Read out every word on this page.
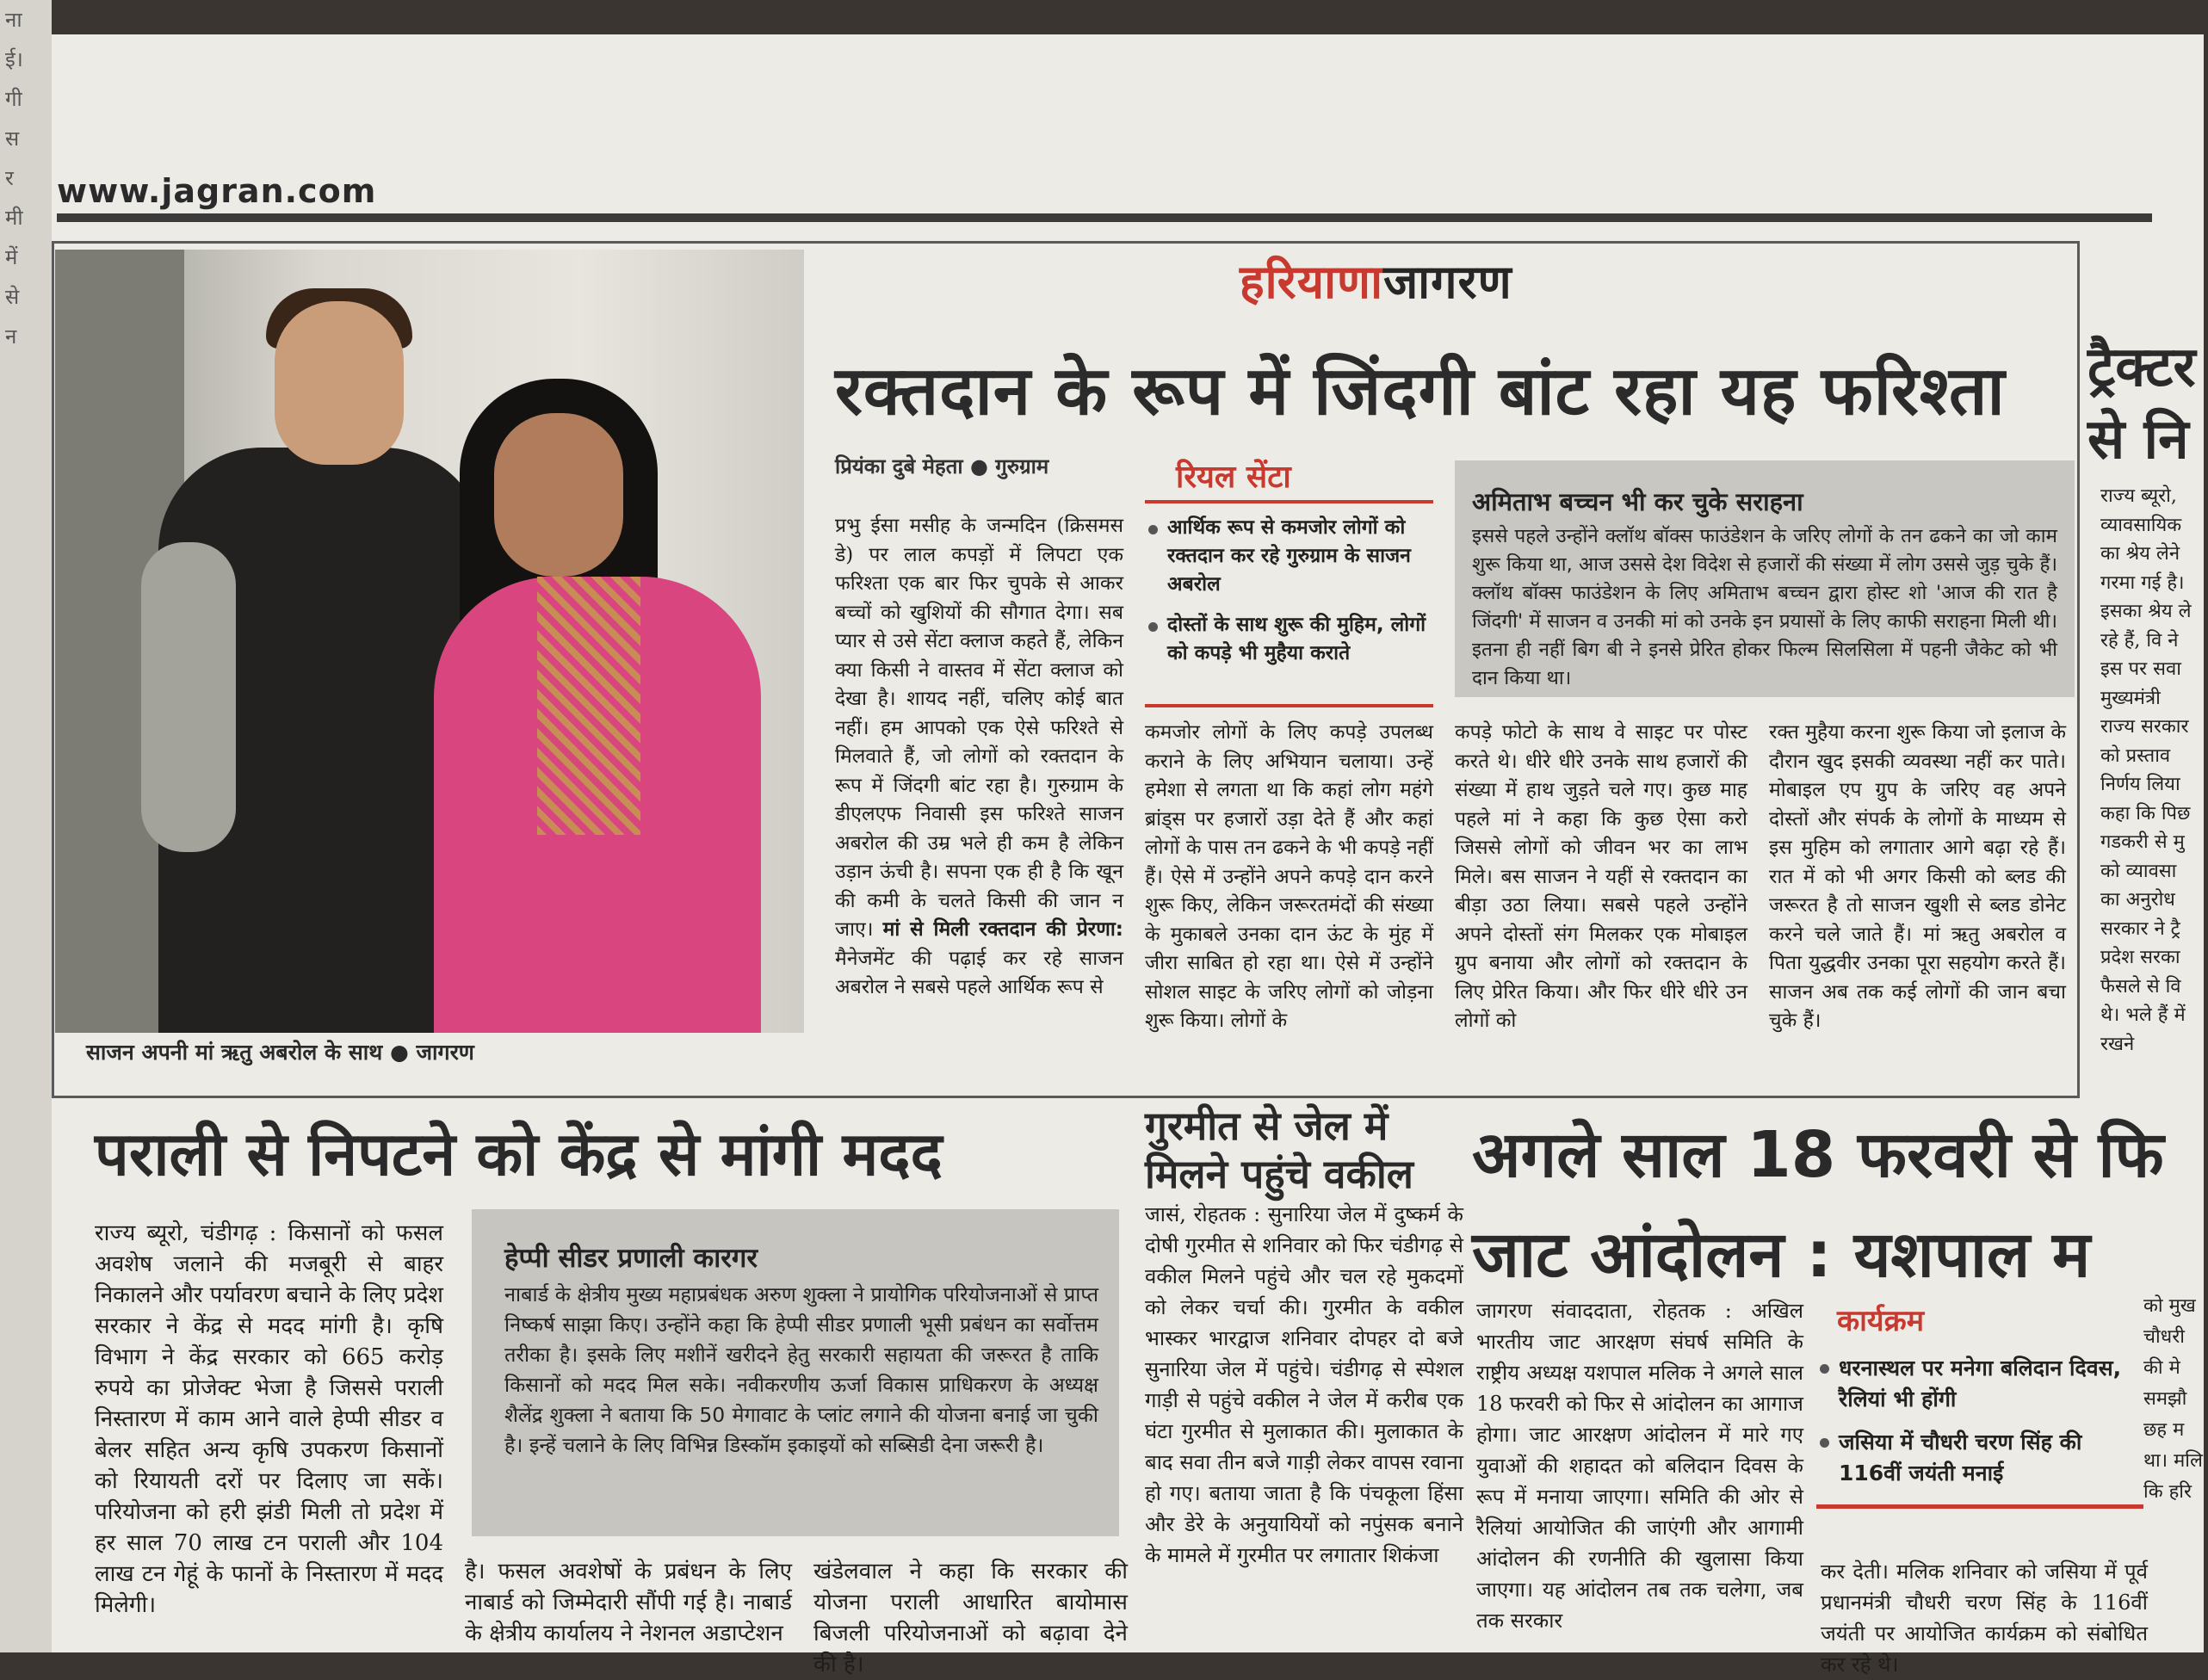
ना
ई।
गी
स
र
मी
में
से
न
www.jagran.com
हरियाणाजागरण
साजन अपनी मां ऋतु अबरोल के साथ ● जागरण
रक्तदान के रूप में जिंदगी बांट रहा यह फरिश्ता
प्रियंका दुबे मेहता ● गुरुग्राम
प्रभु ईसा मसीह के जन्मदिन (क्रिसमस डे) पर लाल कपड़ों में लिपटा एक फरिश्ता एक बार फिर चुपके से आकर बच्चों को खुशियों की सौगात देगा। सब प्यार से उसे सेंटा क्लाज कहते हैं, लेकिन क्या किसी ने वास्तव में सेंटा क्लाज को देखा है। शायद नहीं, चलिए कोई बात नहीं। हम आपको एक ऐसे फरिश्ते से मिलवाते हैं, जो लोगों को रक्तदान के रूप में जिंदगी बांट रहा है। गुरुग्राम के डीएलएफ निवासी इस फरिश्ते साजन अबरोल की उम्र भले ही कम है लेकिन उड़ान ऊंची है। सपना एक ही है कि खून की कमी के चलते किसी की जान न जाए। मां से मिली रक्तदान की प्रेरणा: मैनेजमेंट की पढ़ाई कर रहे साजन अबरोल ने सबसे पहले आर्थिक रूप से
रियल सेंटा
आर्थिक रूप से कमजोर लोगों को रक्तदान कर रहे गुरुग्राम के साजन अबरोल
दोस्तों के साथ शुरू की मुहिम, लोगों को कपड़े भी मुहैया कराते
अमिताभ बच्चन भी कर चुके सराहना
इससे पहले उन्होंने क्लॉथ बॉक्स फाउंडेशन के जरिए लोगों के तन ढकने का जो काम शुरू किया था, आज उससे देश विदेश से हजारों की संख्या में लोग उससे जुड़ चुके हैं। क्लॉथ बॉक्स फाउंडेशन के लिए अमिताभ बच्चन द्वारा होस्ट शो 'आज की रात है जिंदगी' में साजन व उनकी मां को उनके इन प्रयासों के लिए काफी सराहना मिली थी। इतना ही नहीं बिग बी ने इनसे प्रेरित होकर फिल्म सिलसिला में पहनी जैकेट को भी दान किया था।
कमजोर लोगों के लिए कपड़े उपलब्ध कराने के लिए अभियान चलाया। उन्हें हमेशा से लगता था कि कहां लोग महंगे ब्रांड्स पर हजारों उड़ा देते हैं और कहां लोगों के पास तन ढकने के भी कपड़े नहीं हैं। ऐसे में उन्होंने अपने कपड़े दान करने शुरू किए, लेकिन जरूरतमंदों की संख्या के मुकाबले उनका दान ऊंट के मुंह में जीरा साबित हो रहा था। ऐसे में उन्होंने सोशल साइट के जरिए लोगों को जोड़ना शुरू किया। लोगों के
कपड़े फोटो के साथ वे साइट पर पोस्ट करते थे। धीरे धीरे उनके साथ हजारों की संख्या में हाथ जुड़ते चले गए। कुछ माह पहले मां ने कहा कि कुछ ऐसा करो जिससे लोगों को जीवन भर का लाभ मिले। बस साजन ने यहीं से रक्तदान का बीड़ा उठा लिया। सबसे पहले उन्होंने अपने दोस्तों संग मिलकर एक मोबाइल ग्रुप बनाया और लोगों को रक्तदान के लिए प्रेरित किया। और फिर धीरे धीरे उन लोगों को
रक्त मुहैया करना शुरू किया जो इलाज के दौरान खुद इसकी व्यवस्था नहीं कर पाते। मोबाइल एप ग्रुप के जरिए वह अपने दोस्तों और संपर्क के लोगों के माध्यम से इस मुहिम को लगातार आगे बढ़ा रहे हैं। रात में को भी अगर किसी को ब्लड की जरूरत है तो साजन खुशी से ब्लड डोनेट करने चले जाते हैं। मां ऋतु अबरोल व पिता युद्धवीर उनका पूरा सहयोग करते हैं। साजन अब तक कई लोगों की जान बचा चुके हैं।
ट्रैक्टर से नि
राज्य ब्यूरो, व्यावसायिक का श्रेय लेने गरमा गई है। इसका श्रेय ले रहे हैं, वि ने इस पर सवा मुख्यमंत्री राज्य सरकार को प्रस्ताव निर्णय लिया कहा कि पिछ गडकरी से मु को व्यावसा का अनुरोध सरकार ने ट्रै प्रदेश सरका फैसले से वि थे। भले हैं में रखने
पराली से निपटने को केंद्र से मांगी मदद
राज्य ब्यूरो, चंडीगढ़ : किसानों को फसल अवशेष जलाने की मजबूरी से बाहर निकालने और पर्यावरण बचाने के लिए प्रदेश सरकार ने केंद्र से मदद मांगी है। कृषि विभाग ने केंद्र सरकार को 665 करोड़ रुपये का प्रोजेक्ट भेजा है जिससे पराली निस्तारण में काम आने वाले हेप्पी सीडर व बेलर सहित अन्य कृषि उपकरण किसानों को रियायती दरों पर दिलाए जा सकें। परियोजना को हरी झंडी मिली तो प्रदेश में हर साल 70 लाख टन पराली और 104 लाख टन गेहूं के फानों के निस्तारण में मदद मिलेगी।
हेप्पी सीडर प्रणाली कारगर
नाबार्ड के क्षेत्रीय मुख्य महाप्रबंधक अरुण शुक्ला ने प्रायोगिक परियोजनाओं से प्राप्त निष्कर्ष साझा किए। उन्होंने कहा कि हेप्पी सीडर प्रणाली भूसी प्रबंधन का सर्वोत्तम तरीका है। इसके लिए मशीनें खरीदने हेतु सरकारी सहायता की जरूरत है ताकि किसानों को मदद मिल सके। नवीकरणीय ऊर्जा विकास प्राधिकरण के अध्यक्ष शैलेंद्र शुक्ला ने बताया कि 50 मेगावाट के प्लांट लगाने की योजना बनाई जा चुकी है। इन्हें चलाने के लिए विभिन्न डिस्कॉम इकाइयों को सब्सिडी देना जरूरी है।
है। फसल अवशेषों के प्रबंधन के लिए नाबार्ड को जिम्मेदारी सौंपी गई है। नाबार्ड के क्षेत्रीय कार्यालय ने नेशनल अडाप्टेशन
खंडेलवाल ने कहा कि सरकार की योजना पराली आधारित बायोमास बिजली परियोजनाओं को बढ़ावा देने की है।
गुरमीत से जेल में मिलने पहुंचे वकील
जासं, रोहतक : सुनारिया जेल में दुष्कर्म के दोषी गुरमीत से शनिवार को फिर चंडीगढ़ से वकील मिलने पहुंचे और चल रहे मुकदमों को लेकर चर्चा की। गुरमीत के वकील भास्कर भारद्वाज शनिवार दोपहर दो बजे सुनारिया जेल में पहुंचे। चंडीगढ़ से स्पेशल गाड़ी से पहुंचे वकील ने जेल में करीब एक घंटा गुरमीत से मुलाकात की। मुलाकात के बाद सवा तीन बजे गाड़ी लेकर वापस रवाना हो गए। बताया जाता है कि पंचकूला हिंसा और डेरे के अनुयायियों को नपुंसक बनाने के मामले में गुरमीत पर लगातार शिकंजा
अगले साल 18 फरवरी से फि
जाट आंदोलन : यशपाल म
जागरण संवाददाता, रोहतक : अखिल भारतीय जाट आरक्षण संघर्ष समिति के राष्ट्रीय अध्यक्ष यशपाल मलिक ने अगले साल 18 फरवरी को फिर से आंदोलन का आगाज होगा। जाट आरक्षण आंदोलन में मारे गए युवाओं की शहादत को बलिदान दिवस के रूप में मनाया जाएगा। समिति की ओर से रैलियां आयोजित की जाएंगी और आगामी आंदोलन की रणनीति की खुलासा किया जाएगा। यह आंदोलन तब तक चलेगा, जब तक सरकार
कार्यक्रम
धरनास्थल पर मनेगा बलिदान दिवस, रैलियां भी होंगी
जसिया में चौधरी चरण सिंह की 116वीं जयंती मनाई
कर देती। मलिक शनिवार को जसिया में पूर्व प्रधानमंत्री चौधरी चरण सिंह के 116वीं जयंती पर आयोजित कार्यक्रम को संबोधित कर रहे थे।
को मुख चौधरी की मे समझौ छह म था। मलि कि हरि
